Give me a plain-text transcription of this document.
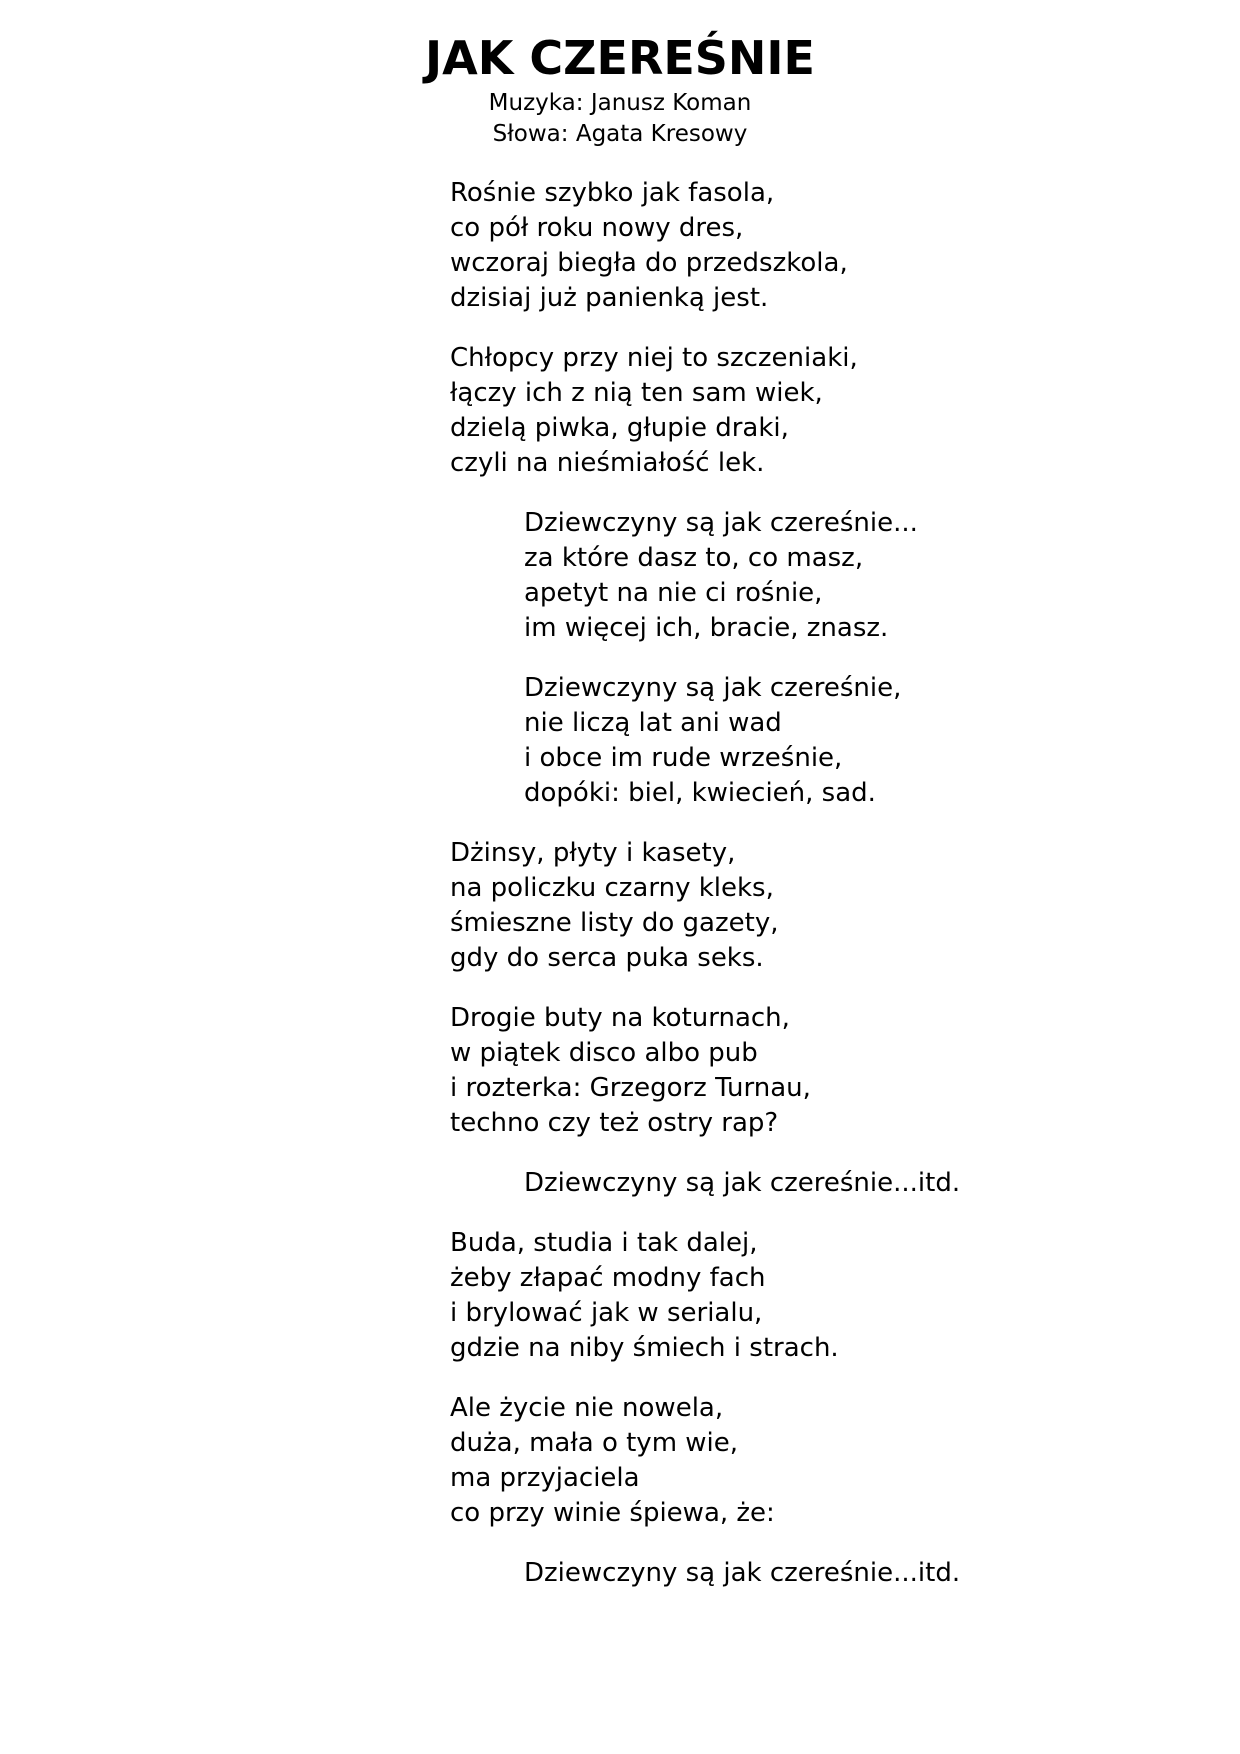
JAK CZEREŚNIE
Muzyka: Janusz Koman
Słowa: Agata Kresowy
Rośnie szybko jak fasola,
co pół roku nowy dres,
wczoraj biegła do przedszkola,
dzisiaj już panienką jest.
Chłopcy przy niej to szczeniaki,
łączy ich z nią ten sam wiek,
dzielą piwka, głupie draki,
czyli na nieśmiałość lek.
Dziewczyny są jak czereśnie...
za które dasz to, co masz,
apetyt na nie ci rośnie,
im więcej ich, bracie, znasz.
Dziewczyny są jak czereśnie,
nie liczą lat ani wad
i obce im rude wrześnie,
dopóki: biel, kwiecień, sad.
Dżinsy, płyty i kasety,
na policzku czarny kleks,
śmieszne listy do gazety,
gdy do serca puka seks.
Drogie buty na koturnach,
w piątek disco albo pub
i rozterka: Grzegorz Turnau,
techno czy też ostry rap?
Dziewczyny są jak czereśnie...itd.
Buda, studia i tak dalej,
żeby złapać modny fach
i brylować jak w serialu,
gdzie na niby śmiech i strach.
Ale życie nie nowela,
duża, mała o tym wie,
ma przyjaciela
co przy winie śpiewa, że:
Dziewczyny są jak czereśnie...itd.
